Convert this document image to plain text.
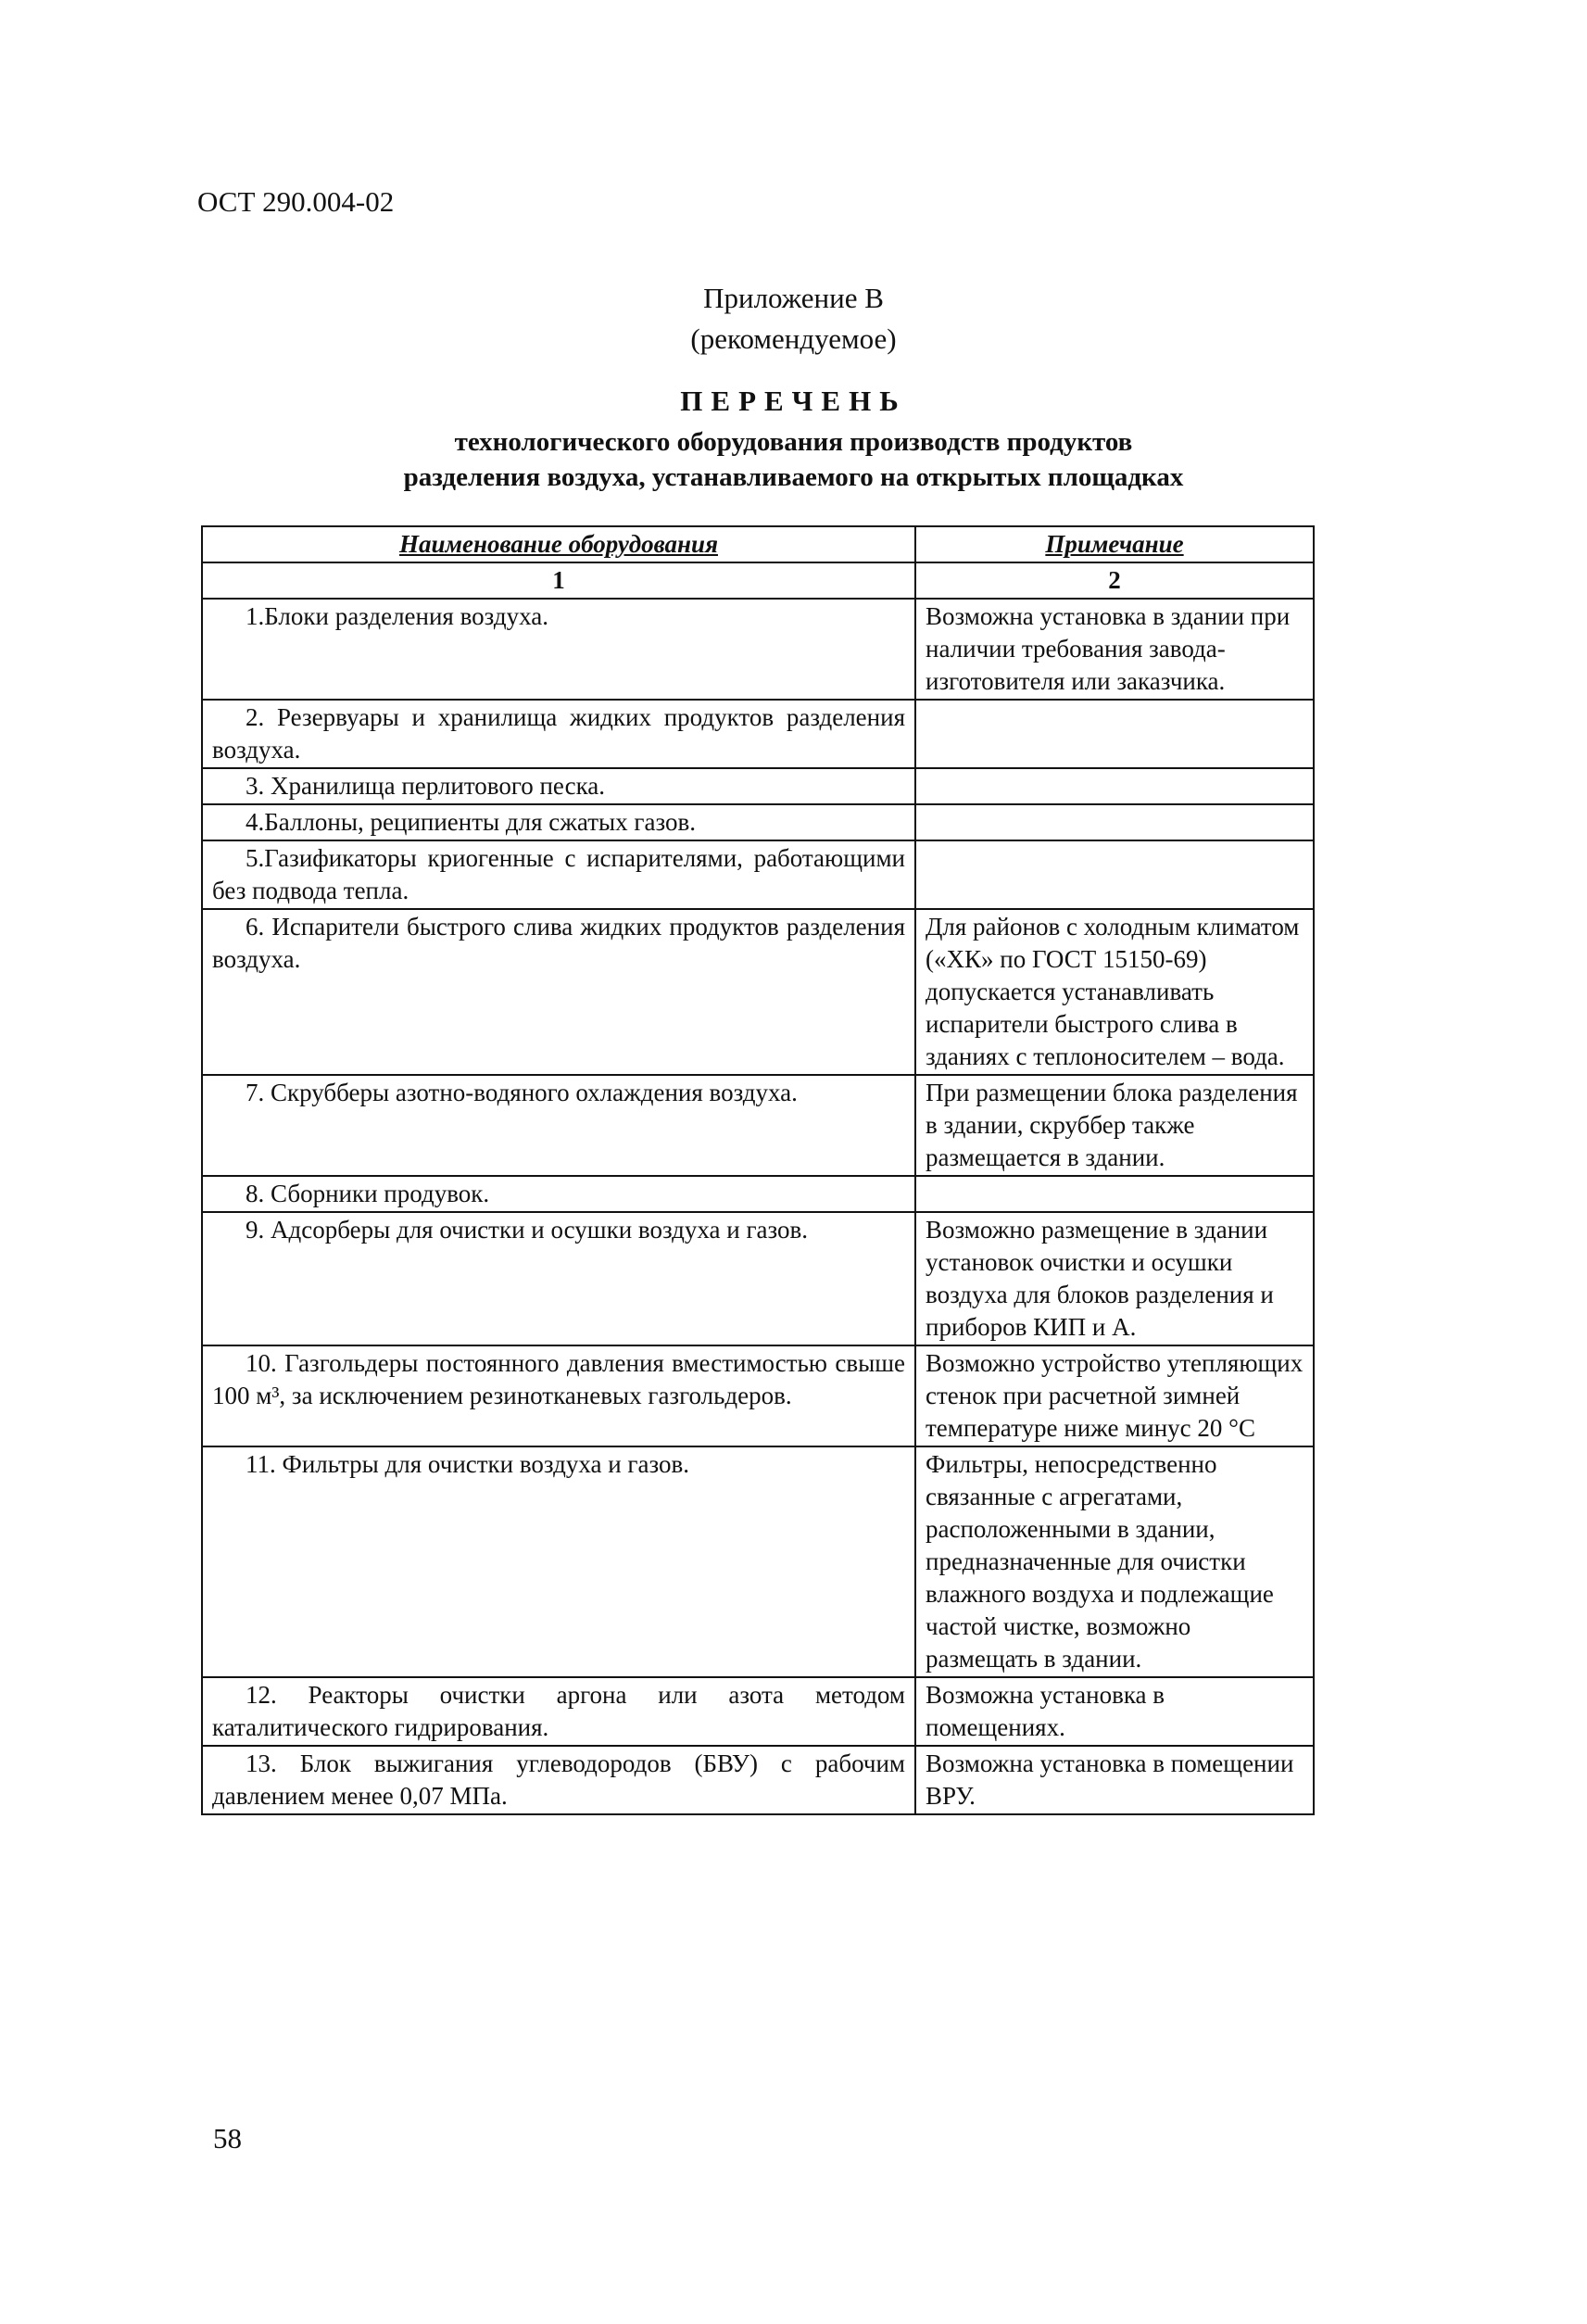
ОСТ 290.004-02
Приложение В
(рекомендуемое)
ПЕРЕЧЕНЬ
технологического оборудования производств продуктов
разделения воздуха, устанавливаемого на открытых площадках
Наименование оборудования	Примечание
1	2
1.Блоки разделения воздуха.	Возможна установка в здании при наличии требования завода-изготовителя или заказчика.
2. Резервуары и хранилища жидких продуктов разделения воздуха.	
3. Хранилища перлитового песка.	
4.Баллоны, реципиенты для сжатых газов.	
5.Газификаторы криогенные с испарителями, работающими без подвода тепла.	
6. Испарители быстрого слива жидких продуктов разделения воздуха.	Для районов с холодным климатом («ХК» по ГОСТ 15150-69) допускается устанавливать испарители быстрого слива в зданиях с теплоносителем – вода.
7. Скрубберы азотно-водяного охлаждения воздуха.	При размещении блока разделения в здании, скруббер также размещается в здании.
8. Сборники продувок.	
9. Адсорберы для очистки и осушки воздуха и газов.	Возможно размещение в здании установок очистки и осушки воздуха для блоков разделения и приборов КИП и А.
10. Газгольдеры постоянного давления вместимостью свыше 100 м³, за исключением резинотканевых газгольдеров.	Возможно устройство утепляющих стенок при расчетной зимней температуре ниже минус 20 °С
11. Фильтры для очистки воздуха и газов.	Фильтры, непосредственно связанные с агрегатами, расположенными в здании, предназначенные для очистки влажного воздуха и подлежащие частой чистке, возможно размещать в здании.
12. Реакторы очистки аргона или азота методом каталитического гидрирования.	Возможна установка в помещениях.
13. Блок выжигания углеводородов (БВУ) с рабочим давлением менее 0,07 МПа.	Возможна установка в помещении ВРУ.
58
